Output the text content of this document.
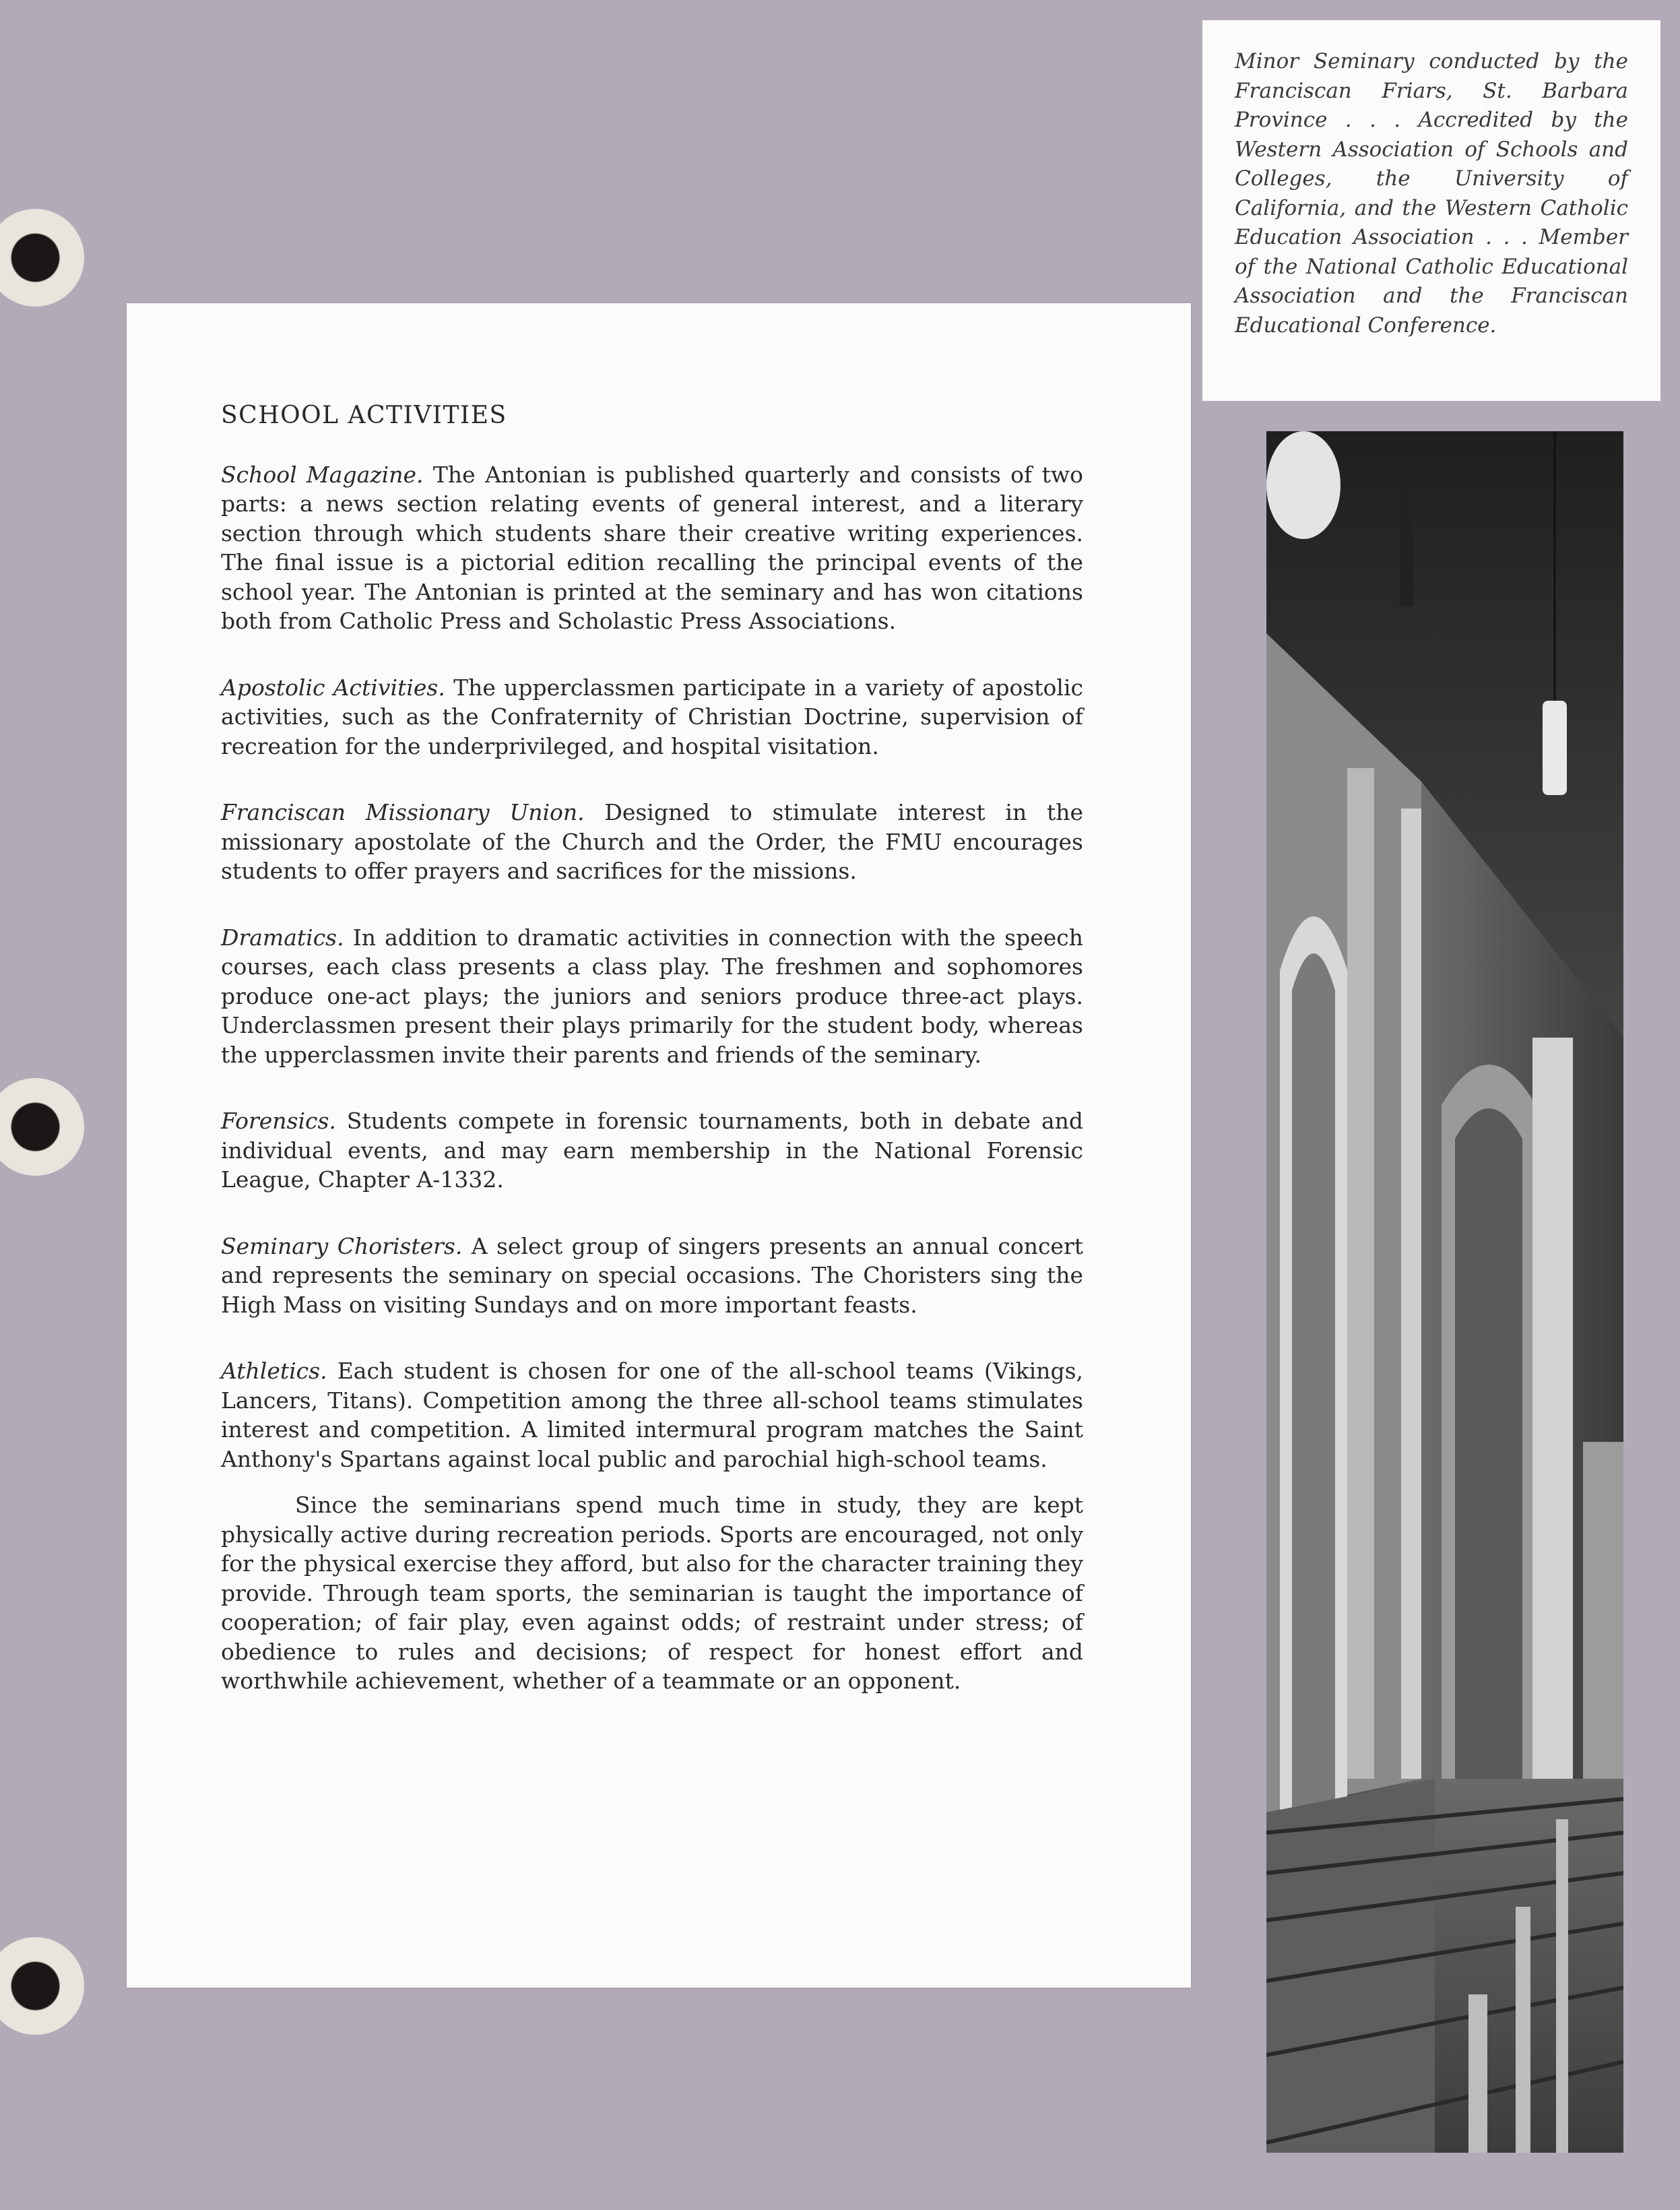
Minor Seminary conducted by the Franciscan Friars, St. Barbara Province . . . Accredited by the Western Association of Schools and Colleges, the University of California, and the Western Catholic Education Association . . . Member of the National Catholic Educational Association and the Franciscan Educational Conference.
SCHOOL ACTIVITIES

School Magazine. The Antonian is published quarterly and consists of two parts: a news section relating events of general interest, and a literary section through which students share their creative writing experiences. The final issue is a pictorial edition recalling the principal events of the school year. The Antonian is printed at the seminary and has won citations both from Catholic Press and Scholastic Press Associations.

Apostolic Activities. The upperclassmen participate in a variety of apostolic activities, such as the Confraternity of Christian Doctrine, supervision of recreation for the underprivileged, and hospital visitation.

Franciscan Missionary Union. Designed to stimulate interest in the missionary apostolate of the Church and the Order, the FMU encourages students to offer prayers and sacrifices for the missions.

Dramatics. In addition to dramatic activities in connection with the speech courses, each class presents a class play. The freshmen and sophomores produce one-act plays; the juniors and seniors produce three-act plays. Underclassmen present their plays primarily for the student body, whereas the upperclassmen invite their parents and friends of the seminary.

Forensics. Students compete in forensic tournaments, both in debate and individual events, and may earn membership in the National Forensic League, Chapter A-1332.

Seminary Choristers. A select group of singers presents an annual concert and represents the seminary on special occasions. The Choristers sing the High Mass on visiting Sundays and on more important feasts.

Athletics. Each student is chosen for one of the all-school teams (Vikings, Lancers, Titans). Competition among the three all-school teams stimulates interest and competition. A limited intermural program matches the Saint Anthony's Spartans against local public and parochial high-school teams.

Since the seminarians spend much time in study, they are kept physically active during recreation periods. Sports are encouraged, not only for the physical exercise they afford, but also for the character training they provide. Through team sports, the seminarian is taught the importance of cooperation; of fair play, even against odds; of restraint under stress; of obedience to rules and decisions; of respect for honest effort and worthwhile achievement, whether of a teammate or an opponent.
